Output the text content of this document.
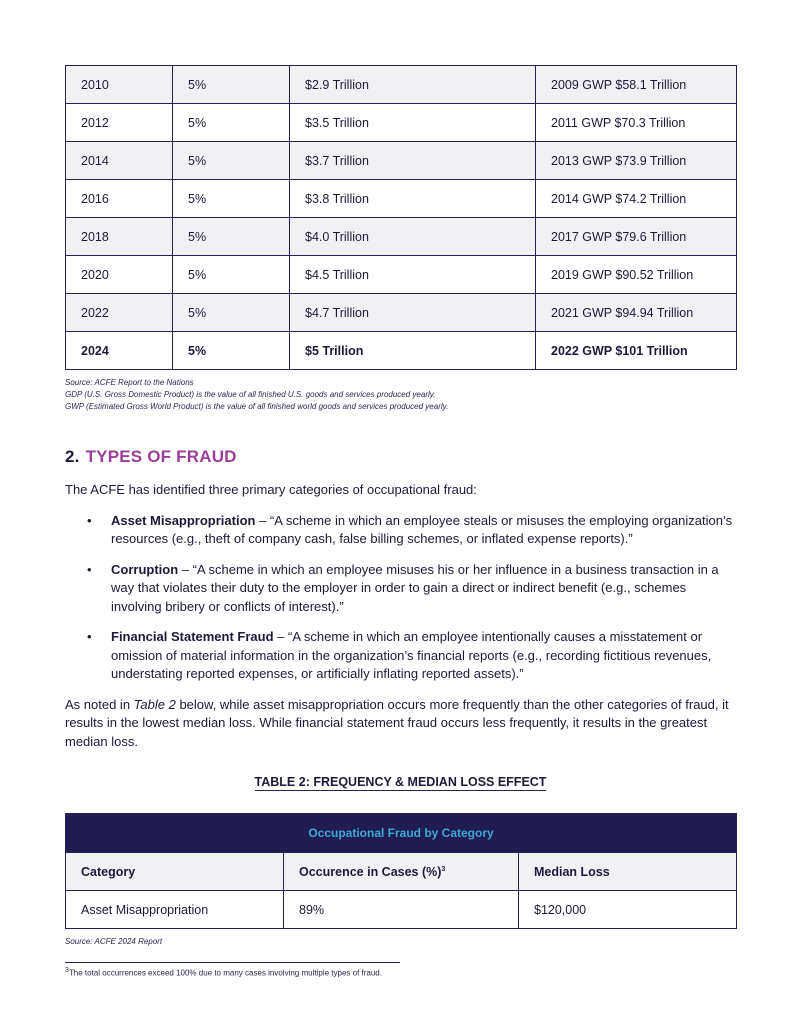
2010	5%	$2.9 Trillion	2009 GWP $58.1 Trillion
2012	5%	$3.5 Trillion	2011 GWP $70.3 Trillion
2014	5%	$3.7 Trillion	2013 GWP $73.9 Trillion
2016	5%	$3.8 Trillion	2014 GWP $74.2 Trillion
2018	5%	$4.0 Trillion	2017 GWP $79.6 Trillion
2020	5%	$4.5 Trillion	2019 GWP $90.52 Trillion
2022	5%	$4.7 Trillion	2021 GWP $94.94 Trillion
2024	5%	$5 Trillion	2022 GWP $101 Trillion
Source: ACFE Report to the Nations
GDP (U.S. Gross Domestic Product) is the value of all finished U.S. goods and services produced yearly.
GWP (Estimated Gross World Product) is the value of all finished world goods and services produced yearly.
2. TYPES OF FRAUD

The ACFE has identified three primary categories of occupational fraud:

• Asset Misappropriation – “A scheme in which an employee steals or misuses the employing organization’s resources (e.g., theft of company cash, false billing schemes, or inflated expense reports).”
• Corruption – “A scheme in which an employee misuses his or her influence in a business transaction in a way that violates their duty to the employer in order to gain a direct or indirect benefit (e.g., schemes involving bribery or conflicts of interest).”
• Financial Statement Fraud – “A scheme in which an employee intentionally causes a misstatement or omission of material information in the organization’s financial reports (e.g., recording fictitious revenues, understating reported expenses, or artificially inflating reported assets).”

As noted in Table 2 below, while asset misappropriation occurs more frequently than the other categories of fraud, it results in the lowest median loss. While financial statement fraud occurs less frequently, it results in the greatest median loss.

TABLE 2: FREQUENCY & MEDIAN LOSS EFFECT
Occupational Fraud by Category		
Category	Occurence in Cases (%)$^3$	Median Loss
Asset Misappropriation	89%	$120,000
Source: ACFE 2024 Report
$^3$The total occurrences exceed 100% due to many cases involving multiple types of fraud.
